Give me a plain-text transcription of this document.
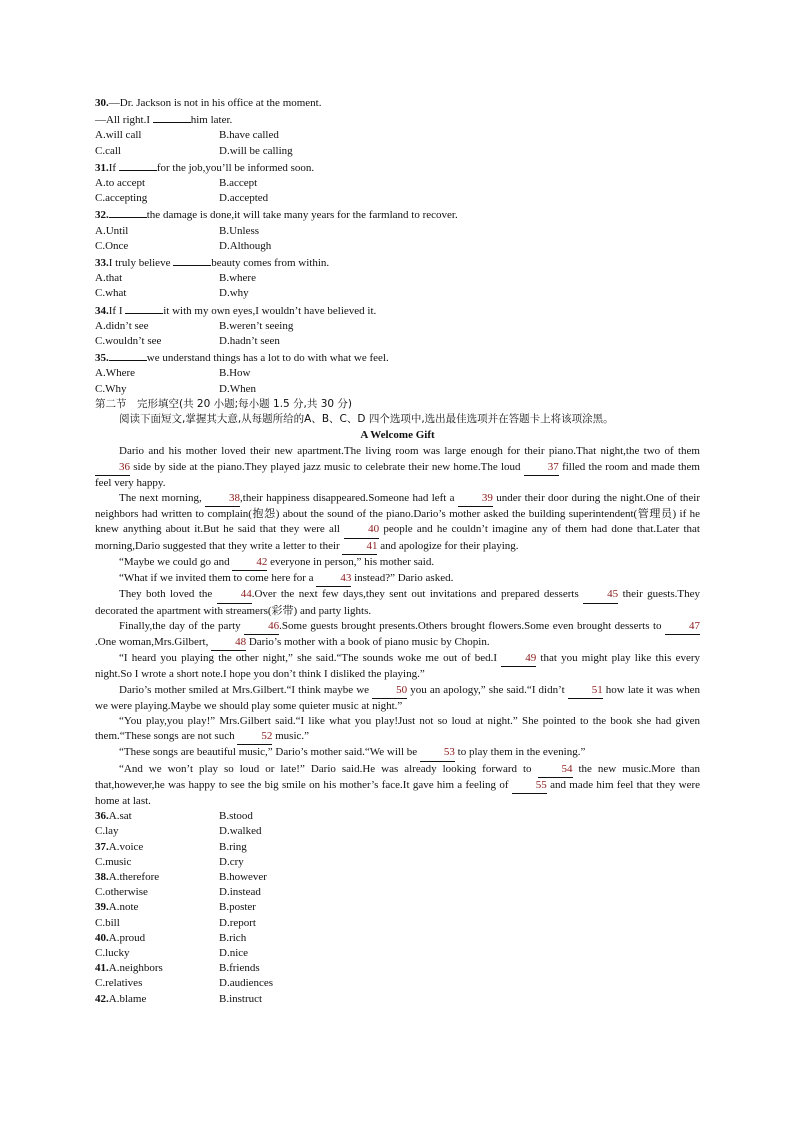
30.—Dr. Jackson is not in his office at the moment.
—All right.I	him later.
A.will call	B.have called
C.call	D.will be calling
31.If	for the job,you’ll be informed soon.
A.to accept	B.accept
C.accepting	D.accepted
32.	the damage is done,it will take many years for the farmland to recover.
A.Until	B.Unless
C.Once	D.Although
33.I truly believe	beauty comes from within.
A.that	B.where
C.what	D.why
34.If I	it with my own eyes,I wouldn’t have believed it.
A.didn’t see	B.weren’t seeing
C.wouldn’t see	D.hadn’t seen
35.	we understand things has a lot to do with what we feel.
A.Where	B.How
C.Why	D.When
第二节　完形填空(共 20 小题;每小题 1.5 分,共 30 分)
阅读下面短文,掌握其大意,从每题所给的A、B、C、D 四个选项中,选出最佳选项并在答题卡上将该项涂黑。
A Welcome Gift
Dario and his mother loved their new apartment.The living room was large enough for their piano.That night,the two of them 36 side by side at the piano.They played jazz music to celebrate their new home.The loud 37 filled the room and made them feel very happy.
The next morning, 38,their happiness disappeared.Someone had left a 39 under their door during the night.One of their neighbors had written to complain(抱怨) about the sound of the piano.Dario’s mother asked the building superintendent(管理员) if he knew anything about it.But he said that they were all 40 people and he couldn’t imagine any of them had done that.Later that morning,Dario suggested that they write a letter to their 41 and apologize for their playing.
“Maybe we could go and 42 everyone in person,” his mother said.
“What if we invited them to come here for a 43 instead?” Dario asked.
They both loved the 44.Over the next few days,they sent out invitations and prepared desserts 45 their guests.They decorated the apartment with streamers(彩带) and party lights.
Finally,the day of the party 46.Some guests brought presents.Others brought flowers.Some even brought desserts to 47.One woman,Mrs.Gilbert, 48 Dario’s mother with a book of piano music by Chopin.
“I heard you playing the other night,” she said.“The sounds woke me out of bed.I 49 that you might play like this every night.So I wrote a short note.I hope you don’t think I disliked the playing.”
Dario’s mother smiled at Mrs.Gilbert.“I think maybe we 50 you an apology,” she said.“I didn’t 51 how late it was when we were playing.Maybe we should play some quieter music at night.”
“You play,you play!” Mrs.Gilbert said.“I like what you play!Just not so loud at night.” She pointed to the book she had given them.“These songs are not such 52 music.”
“These songs are beautiful music,” Dario’s mother said.“We will be 53 to play them in the evening.”
“And we won’t play so loud or late!” Dario said.He was already looking forward to 54 the new music.More than that,however,he was happy to see the big smile on his mother’s face.It gave him a feeling of 55 and made him feel that they were home at last.
36.A.sat	B.stood
C.lay	D.walked
37.A.voice	B.ring
C.music	D.cry
38.A.therefore	B.however
C.otherwise	D.instead
39.A.note	B.poster
C.bill	D.report
40.A.proud	B.rich
C.lucky	D.nice
41.A.neighbors	B.friends
C.relatives	D.audiences
42.A.blame	B.instruct
